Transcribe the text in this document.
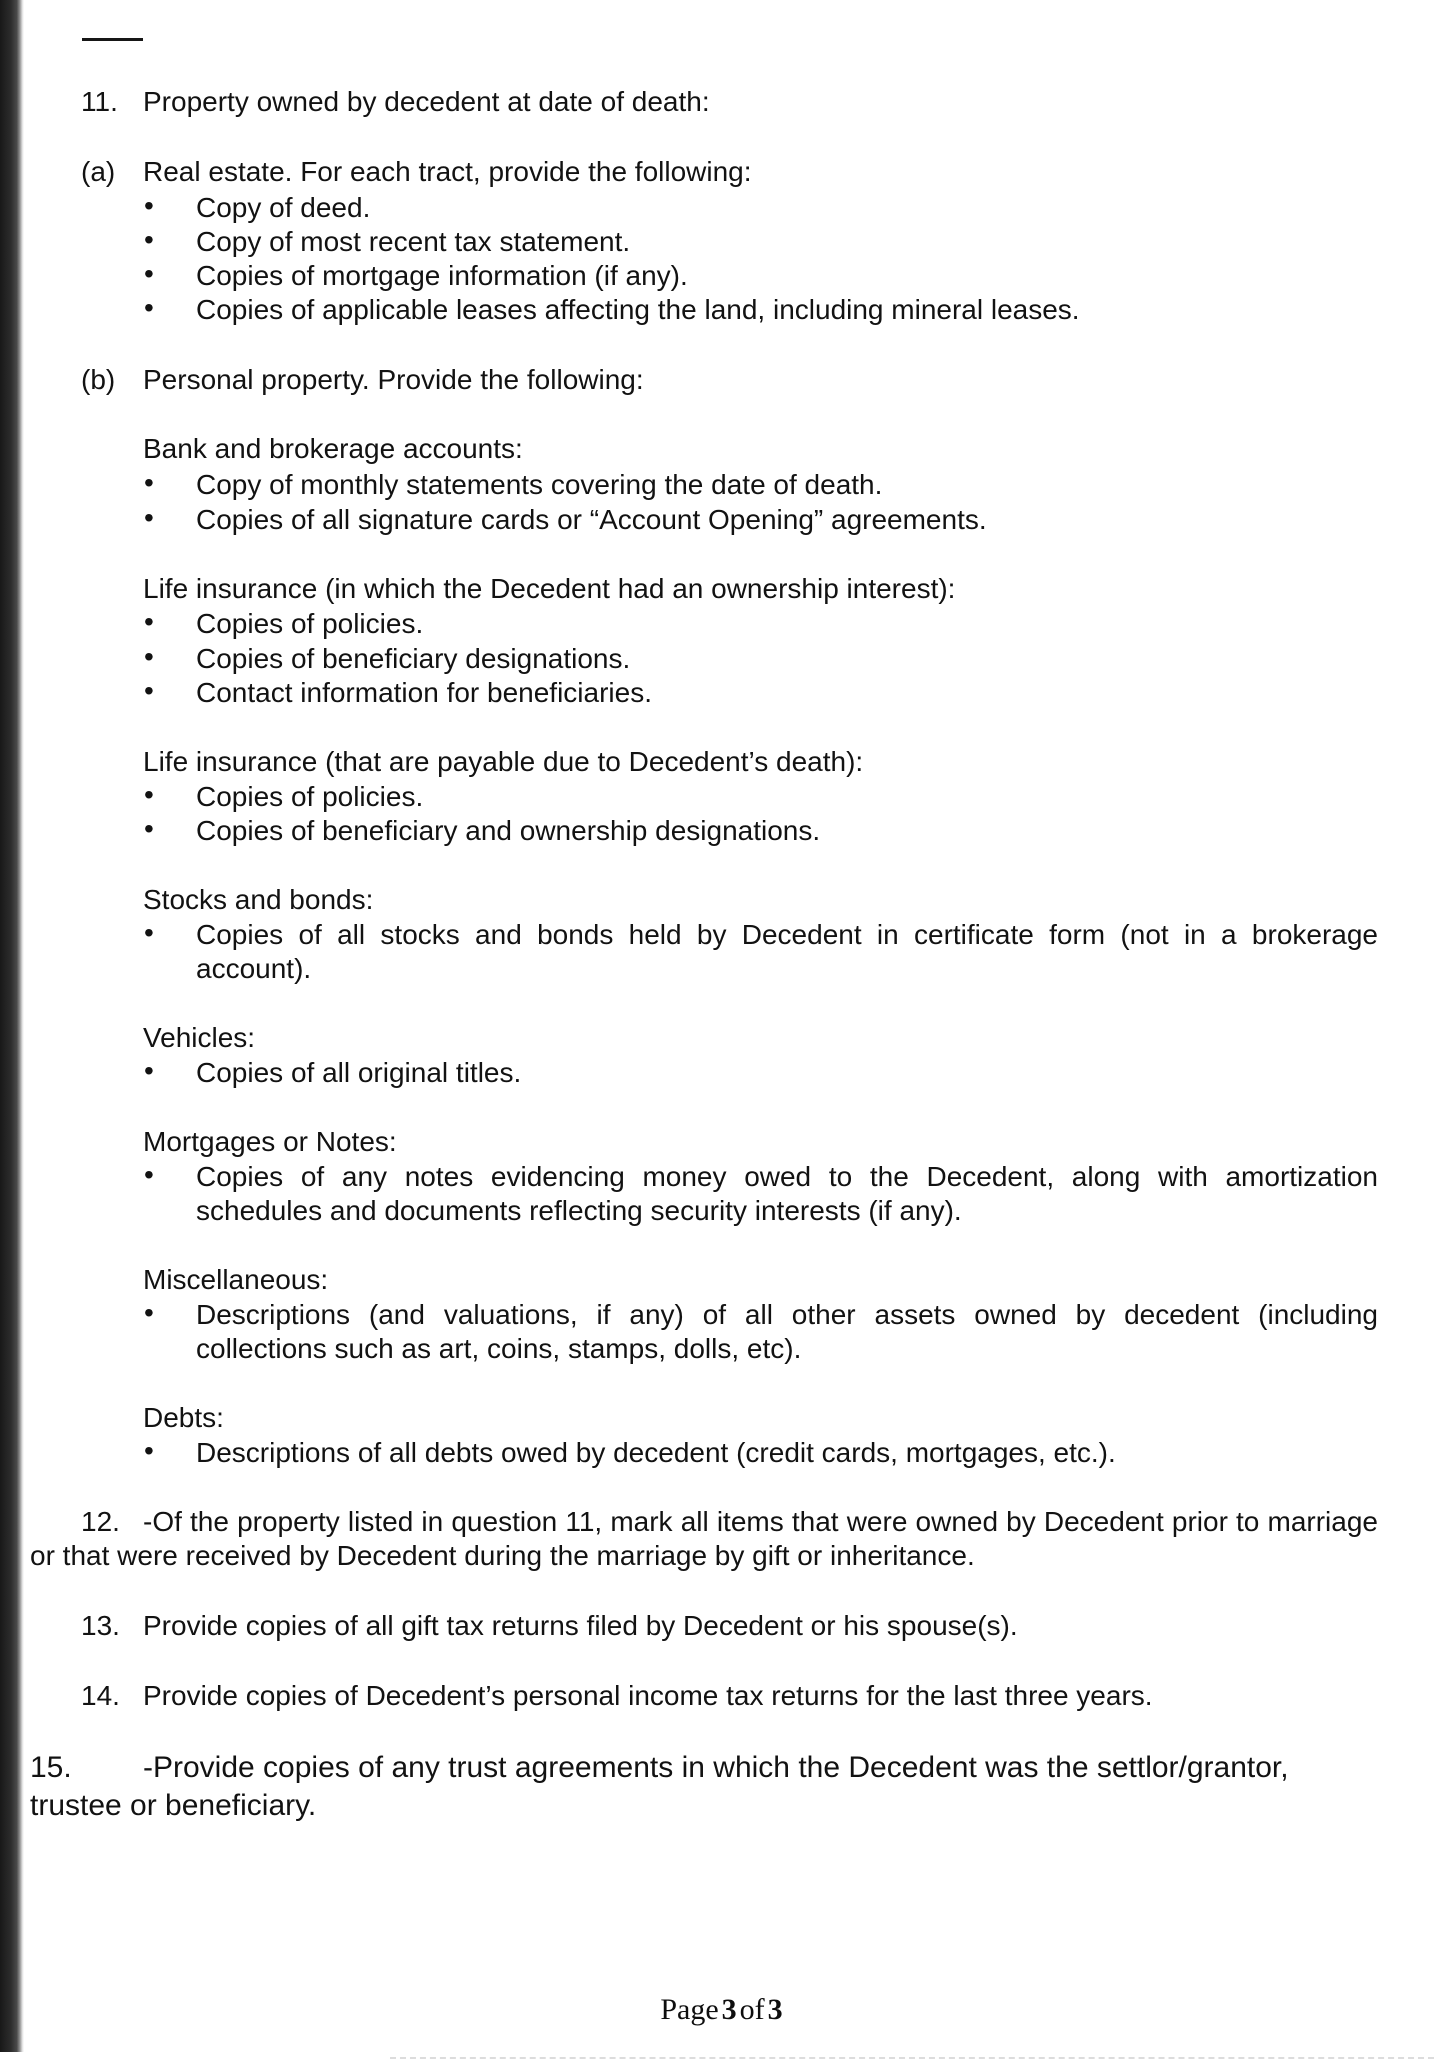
11. Property owned by decedent at date of death:
(a) Real estate. For each tract, provide the following:
• Copy of deed.
• Copy of most recent tax statement.
• Copies of mortgage information (if any).
• Copies of applicable leases affecting the land, including mineral leases.
(b) Personal property. Provide the following:
Bank and brokerage accounts:
• Copy of monthly statements covering the date of death.
• Copies of all signature cards or “Account Opening” agreements.
Life insurance (in which the Decedent had an ownership interest):
• Copies of policies.
• Copies of beneficiary designations.
• Contact information for beneficiaries.
Life insurance (that are payable due to Decedent’s death):
• Copies of policies.
• Copies of beneficiary and ownership designations.
Stocks and bonds:
• Copies of all stocks and bonds held by Decedent in certificate form (not in a brokerage account).
Vehicles:
• Copies of all original titles.
Mortgages or Notes:
• Copies of any notes evidencing money owed to the Decedent, along with amortization schedules and documents reflecting security interests (if any).
Miscellaneous:
• Descriptions (and valuations, if any) of all other assets owned by decedent (including collections such as art, coins, stamps, dolls, etc).
Debts:
• Descriptions of all debts owed by decedent (credit cards, mortgages, etc.).
12. -Of the property listed in question 11, mark all items that were owned by Decedent prior to marriage or that were received by Decedent during the marriage by gift or inheritance.
13. Provide copies of all gift tax returns filed by Decedent or his spouse(s).
14. Provide copies of Decedent’s personal income tax returns for the last three years.
15.	-Provide copies of any trust agreements in which the Decedent was the settlor/grantor, trustee or beneficiary.
Page 3 of 3
